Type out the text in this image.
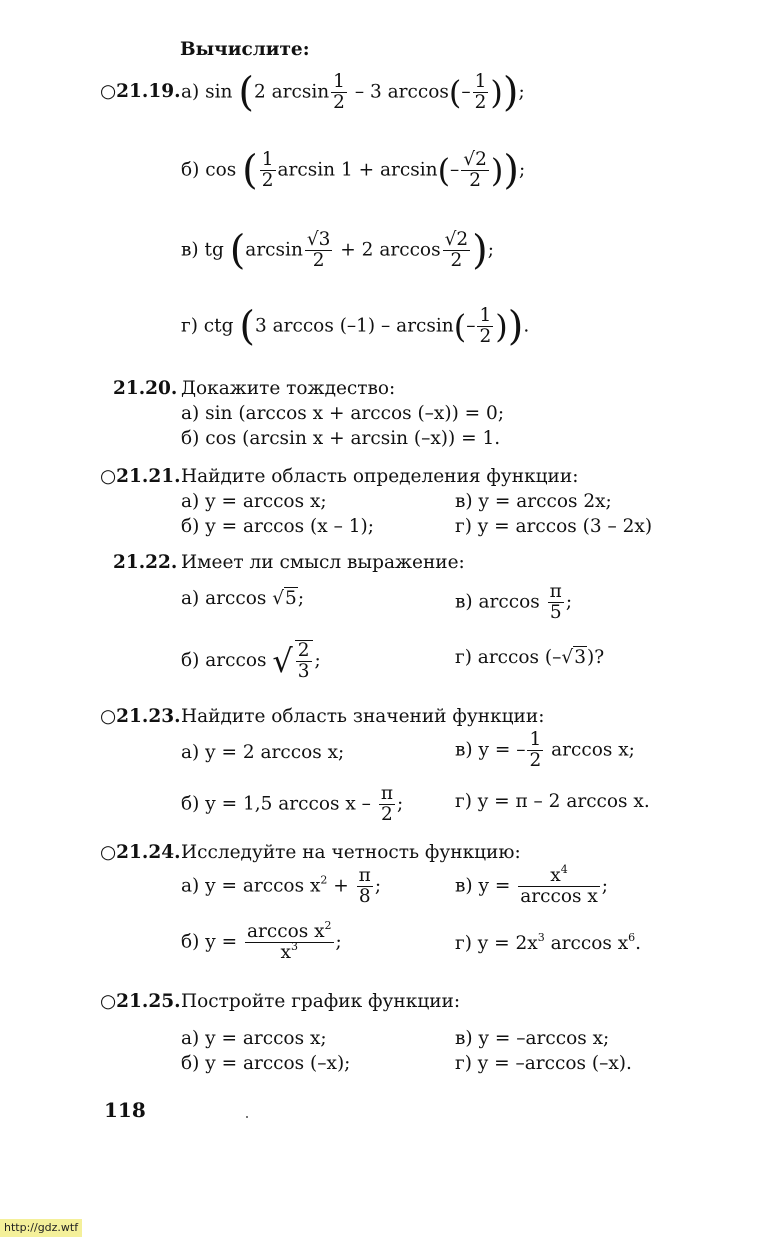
Вычислите:
○21.19. а) sin (2 $\arcsin \frac{1}{2} - 3$ $\arccos(- \frac{1}{2}$ ));
б) cos ( $\frac{1}{2}$ $\arcsin 1 + \arcsin(- \frac{√2}{2}$ ));
в) tg ($\arcsin \frac{√3}{2} + 2$ $\arccos \frac{√2}{2}$ );
г) ctg (3 $\arccos (-1) - \arcsin(- \frac{1}{2}$ )).
21.20. Докажите тождество:
а) sin (arccos x + arccos (–x)) = 0;
б) cos (arcsin x + arcsin (–x)) = 1.
○21.21. Найдите область определения функции:
а) y = arccos x;
б) y = arccos (x – 1);
в) y = arccos 2x;
г) y = arccos (3 – 2x)
21.22. Имеет ли смысл выражение:
а) arccos √5;
б) arccos √ $\frac{2}{3}$ ;
в) $\arccos \frac{\pi}{5}$ ;
г) arccos (–√3)?
○21.23. Найдите область значений функции:
а) y = 2 arccos x;
б) y = 1,5 arccos x – $\frac{\pi}{2}$ ;
в) y = – $\frac{1}{2}$ arccos x;
г) y = π – 2 arccos x.
○21.24. Исследуйте на четность функцию:
а) $y = \arccos x^2 + \frac{\pi}{8}$ ;
б) $y = \frac{\arccos x^2}{x^3}$ ;
в) $y = \frac{x^4}{\text{arccos x}}$ ;
г) $y = 2x^3$ $\arccos x^6$.
○21.25. Постройте график функции:
а) y = arccos x;
б) y = arccos (–x);
в) y = –arccos x;
г) y = –arccos (–x).
118
http://gdz.wtf
